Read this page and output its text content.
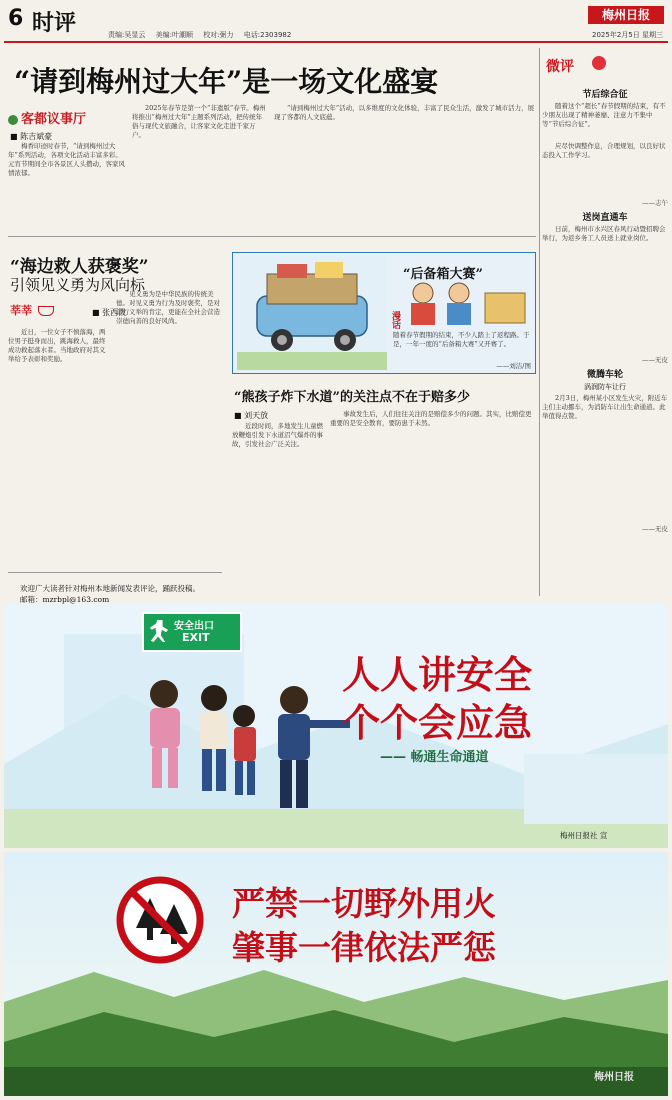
6 时评	责编:吴显云 美编:叶潮顺 校对:弼力 电话:2303982
梅州日报
2025年2月5日 星期三
“请到梅州过大年”是一场文化盛宴
客都议事厅
■ 陈吉斌豪
梅香印迹时春节，“请到梅州过大年”系列活动，各项文化活动丰富多彩。元宵节期间全市各景区人头攒动，客家风情浓郁。
2025年春节是第一个“非遗版”春节。梅州将推出“梅州过大年”主题系列活动，把传统年俗与现代文旅融合，让客家文化走进千家万户。
“请到梅州过大年”活动，以多维度的文化体验，丰富了民众生活，激发了城市活力，展现了客都的人文底蕴。
微评
节后综合征
随着这个“超长”春节假期的结束，有不少朋友出现了精神萎靡、注意力不集中等“节后综合征”。
应尽快调整作息，合理规划，以良好状态投入工作学习。
——志午
送岗直通车
日前，梅州市水兴区春风行动暨招聘会举行，为返乡务工人员送上就业岗位。
——无皮
微腾车轮
涡润防车让行
2月3日，梅州某小区发生火灾，附近车主们主动挪车，为消防车让出生命通道。此举值得点赞。
——无皮
“海边救人获褒奖”
引领见义勇为风向标
莘莘	■ 张西泼
近日，一位女子不慎落海，两位男子挺身而出，跳海救人，最终成功救起落水者。当地政府对其义举给予表彰和奖励。
见义勇为是中华民族的传统美德。对见义勇为行为及时褒奖，是对善行义举的肯定，更能在全社会营造崇德向善的良好风尚。
欢迎广大读者针对梅州本地新闻发表评论，踊跃投稿。
邮箱：mzrbpl@163.com
“后备箱大赛”
随着春节假期的结束，不少人踏上了返程路。于是，一年一度的“后备箱大赛”又开赛了。
——刘洁/图
漫话
“熊孩子炸下水道”的关注点不在于赔多少
■ 刘天放
近段时间，多地发生儿童燃放鞭炮引发下水道沼气爆炸的事故，引发社会广泛关注。
事故发生后，人们往往关注的是赔偿多少的问题。其实，比赔偿更重要的是安全教育，要防患于未然。
安全出口
EXIT
人人讲安全
个个会应急
—— 畅通生命通道
梅州日报社 宣
严禁一切野外用火
肇事一律依法严惩
梅州日报
